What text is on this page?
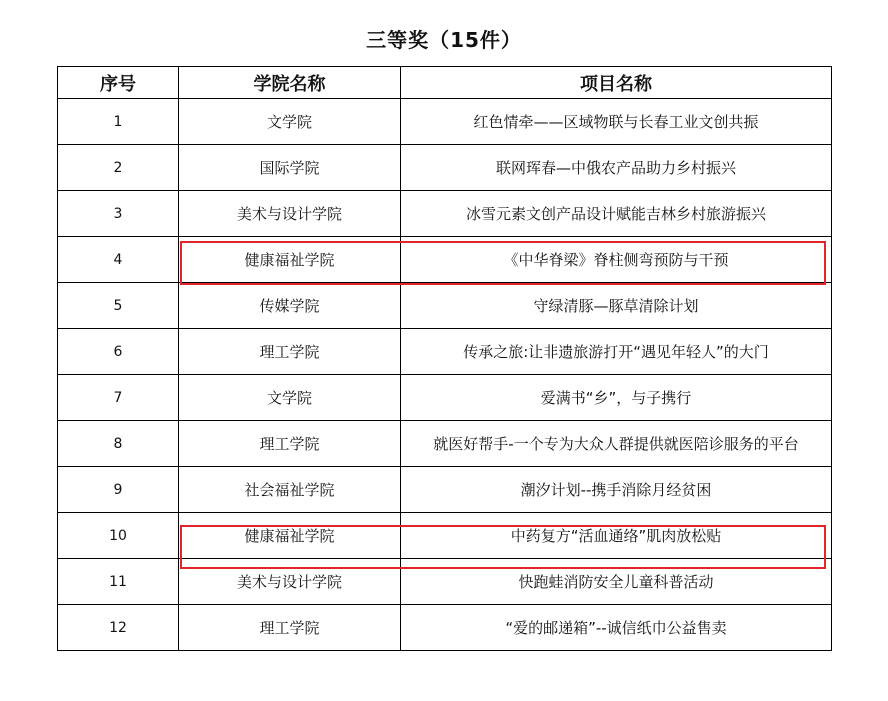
三等奖（15件）
序号	学院名称	项目名称
1	文学院	红色情牵——区域物联与长春工业文创共振
2	国际学院	联网珲春—中俄农产品助力乡村振兴
3	美术与设计学院	冰雪元素文创产品设计赋能吉林乡村旅游振兴
4	健康福祉学院	《中华脊梁》脊柱侧弯预防与干预
5	传媒学院	守绿清豚—豚草清除计划
6	理工学院	传承之旅:让非遗旅游打开“遇见年轻人”的大门
7	文学院	爱满书“乡”，与子携行
8	理工学院	就医好帮手-一个专为大众人群提供就医陪诊服务的平台
9	社会福祉学院	潮汐计划--携手消除月经贫困
10	健康福祉学院	中药复方“活血通络”肌肉放松贴
11	美术与设计学院	快跑蛙消防安全儿童科普活动
12	理工学院	“爱的邮递箱”--诚信纸巾公益售卖
